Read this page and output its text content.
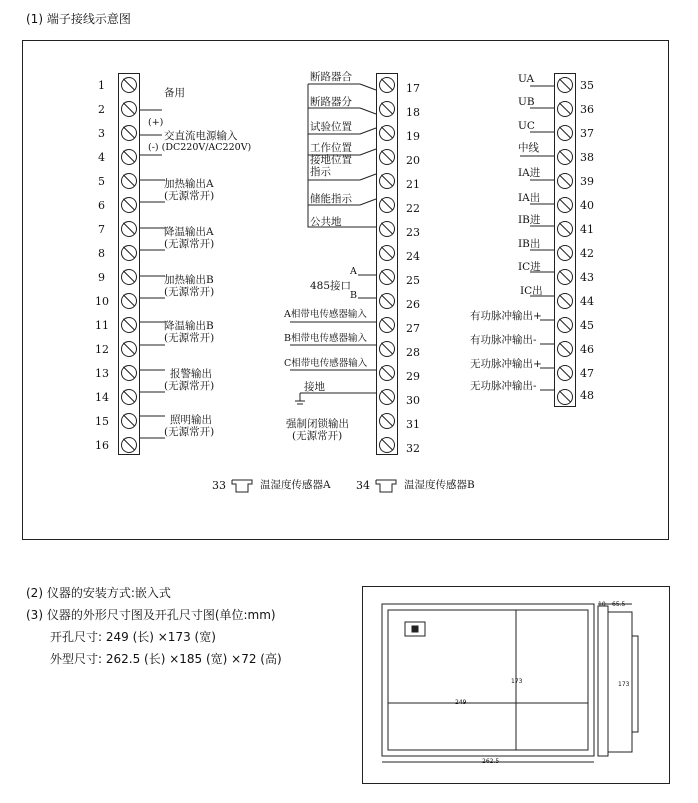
(1) 端子接线示意图
(2) 仪器的安装方式:嵌入式
(3) 仪器的外形尺寸图及开孔尺寸图(单位:mm)
开孔尺寸: 249 (长) ×173 (宽)
外型尺寸: 262.5 (长) ×185 (宽) ×72 (高)
1
2
3
4
5
6
7
8
9
10
11
12
13
14
15
16
备用
(+)
交直流电源输入
(-) (DC220V/AC220V)
加热输出A
(无源常开)
降温输出A
(无源常开)
加热输出B
(无源常开)
降温输出B
(无源常开)
报警输出
(无源常开)
照明输出
(无源常开)
17
18
19
20
21
22
23
24
25
26
27
28
29
30
31
32
断路器合
断路器分
试验位置
工作位置
接地位置
指示
储能指示
公共地
A
485接口
B
A相带电传感器输入
B相带电传感器输入
C相带电传感器输入
接地
强制闭锁输出
(无源常开)
35
36
37
38
39
40
41
42
43
44
45
46
47
48
UA
UB
UC
中线
IA进
IA出
IB进
IB出
IC进
IC出
有功脉冲输出+
有功脉冲输出-
无功脉冲输出+
无功脉冲输出-
33	温湿度传感器A 34	温湿度传感器B
173
249
262.5
10 65.5
173
